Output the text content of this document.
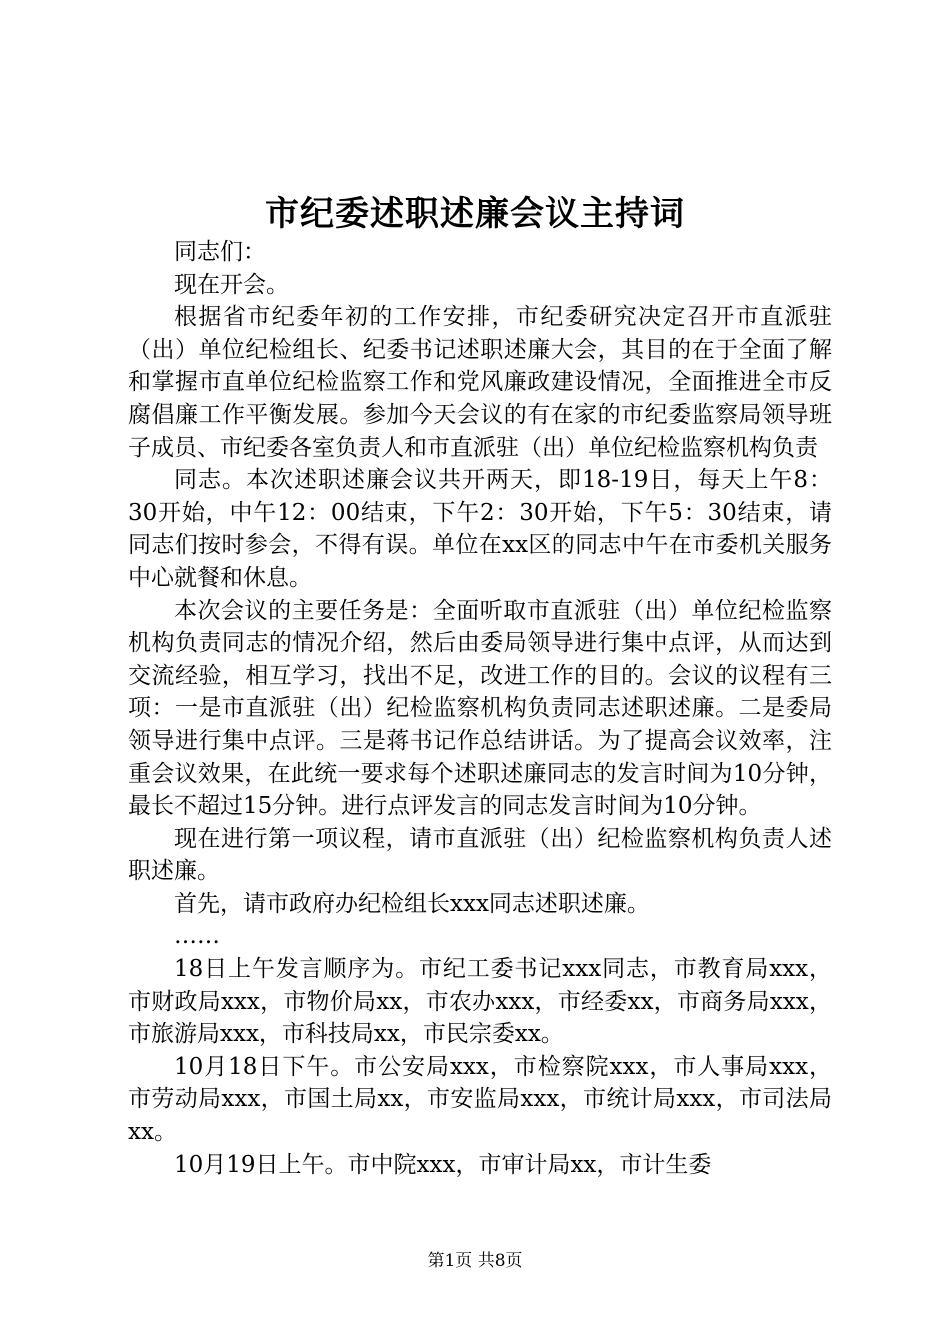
市纪委述职述廉会议主持词

同志们：

现在开会。

根据省市纪委年初的工作安排，市纪委研究决定召开市直派驻（出）单位纪检组长、纪委书记述职述廉大会，其目的在于全面了解和掌握市直单位纪检监察工作和党风廉政建设情况，全面推进全市反腐倡廉工作平衡发展。参加今天会议的有在家的市纪委监察局领导班子成员、市纪委各室负责人和市直派驻（出）单位纪检监察机构负责

同志。本次述职述廉会议共开两天，即18-19日，每天上午8：30开始，中午12：00结束，下午2：30开始，下午5：30结束，请同志们按时参会，不得有误。单位在xx区的同志中午在市委机关服务中心就餐和休息。

本次会议的主要任务是：全面听取市直派驻（出）单位纪检监察机构负责同志的情况介绍，然后由委局领导进行集中点评，从而达到交流经验，相互学习，找出不足，改进工作的目的。会议的议程有三项：一是市直派驻（出）纪检监察机构负责同志述职述廉。二是委局领导进行集中点评。三是蒋书记作总结讲话。为了提高会议效率，注重会议效果，在此统一要求每个述职述廉同志的发言时间为10分钟，最长不超过15分钟。进行点评发言的同志发言时间为10分钟。

现在进行第一项议程，请市直派驻（出）纪检监察机构负责人述职述廉。

首先，请市政府办纪检组长xxx同志述职述廉。

……

18日上午发言顺序为。市纪工委书记xxx同志，市教育局xxx，市财政局xxx，市物价局xx，市农办xxx，市经委xx，市商务局xxx，市旅游局xxx，市科技局xx，市民宗委xx。

10月18日下午。市公安局xxx，市检察院xxx，市人事局xxx，市劳动局xxx，市国土局xx，市安监局xxx，市统计局xxx，市司法局xx。

10月19日上午。市中院xxx，市审计局xx，市计生委

第1页 共8页
